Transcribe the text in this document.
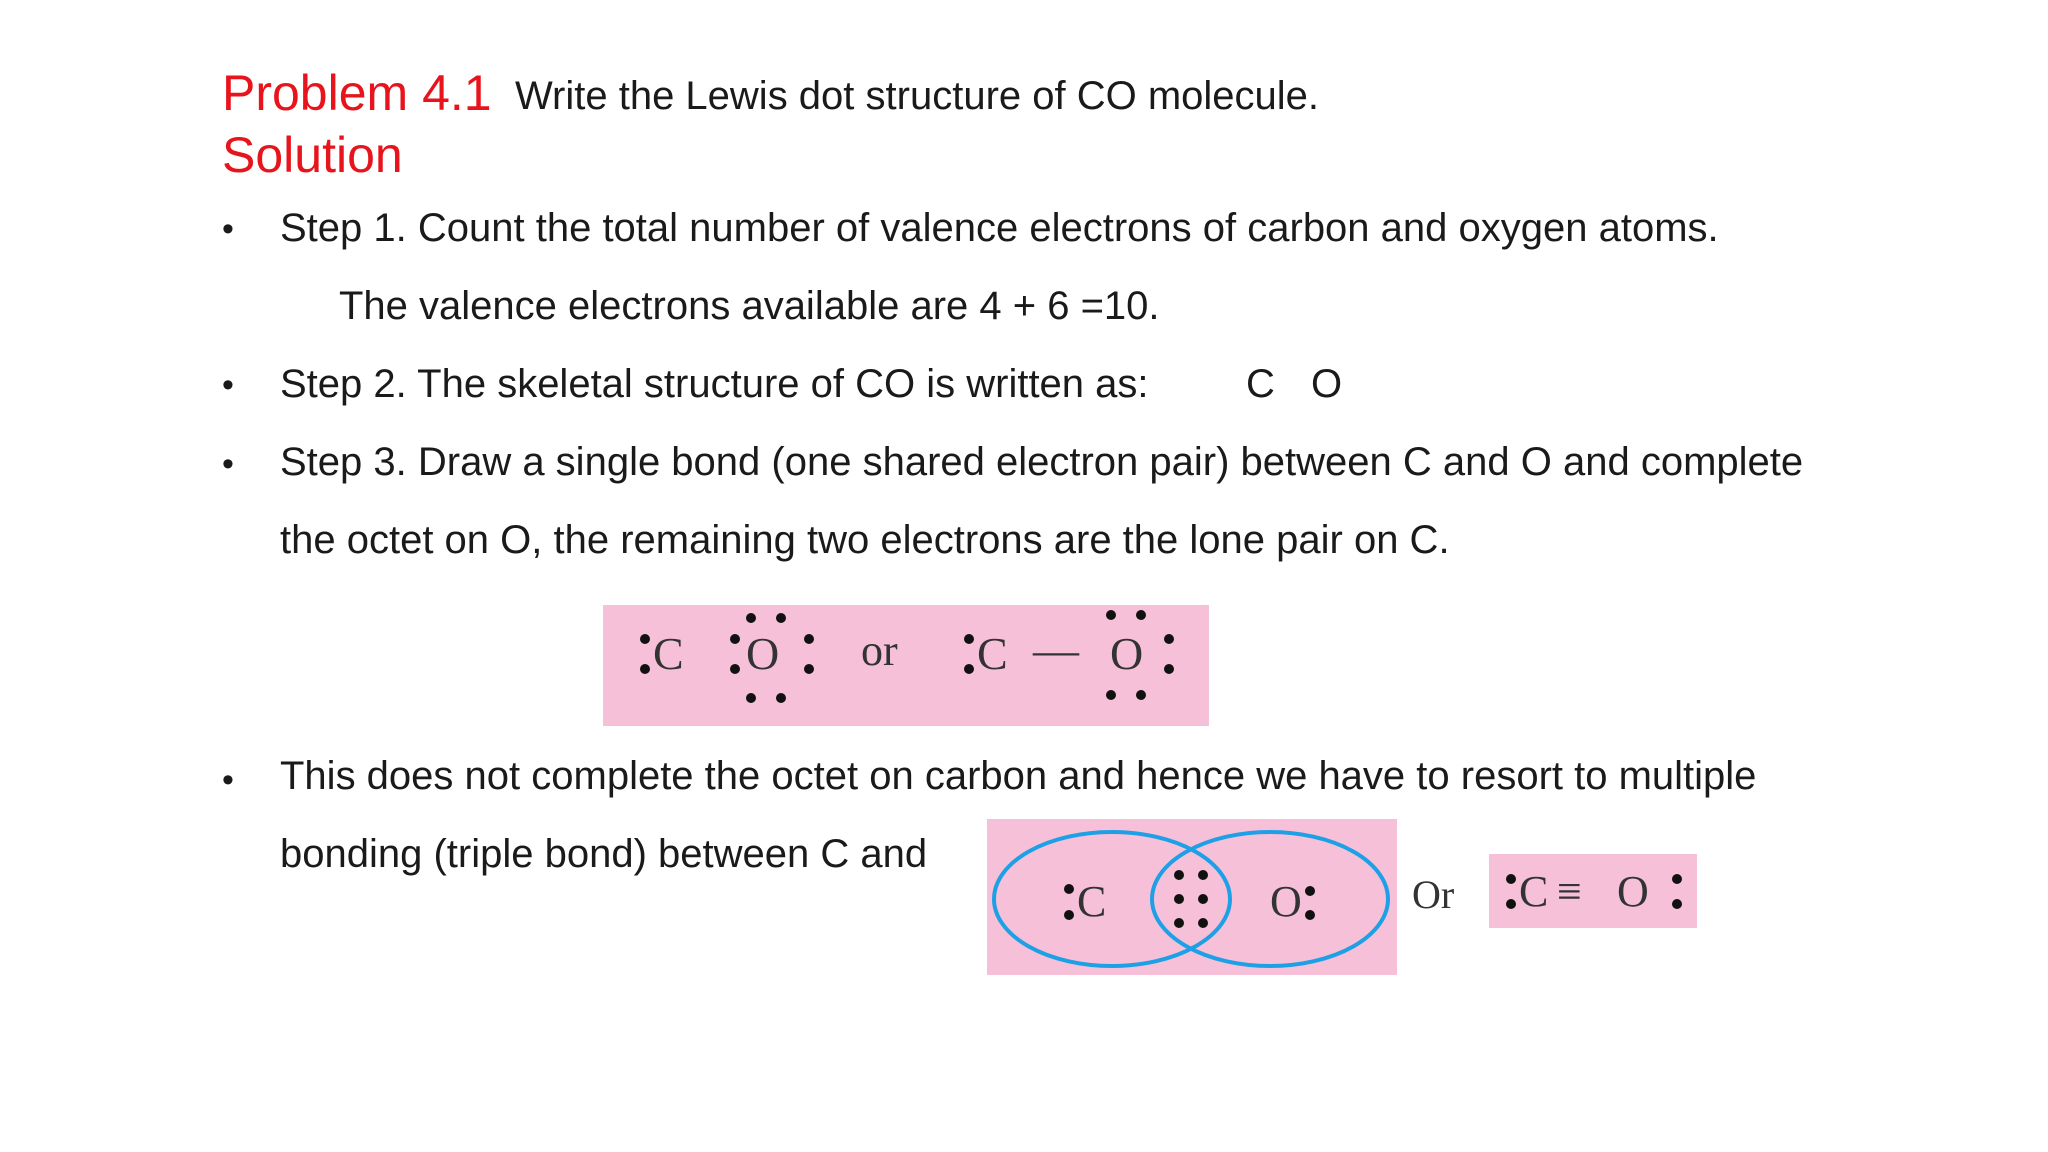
Problem 4.1 Write the Lewis dot structure of CO molecule.
Solution
• Step 1. Count the total number of valence electrons of carbon and oxygen atoms.
The valence electrons available are 4 + 6 =10.
• Step 2. The skeletal structure of CO is written as: C O
• Step 3. Draw a single bond (one shared electron pair) between C and O and complete
the octet on O, the remaining two electrons are the lone pair on C.
C O or C — O
• This does not complete the octet on carbon and hence we have to resort to multiple
bonding (triple bond) between C and
C	O	Or C ≡ O
